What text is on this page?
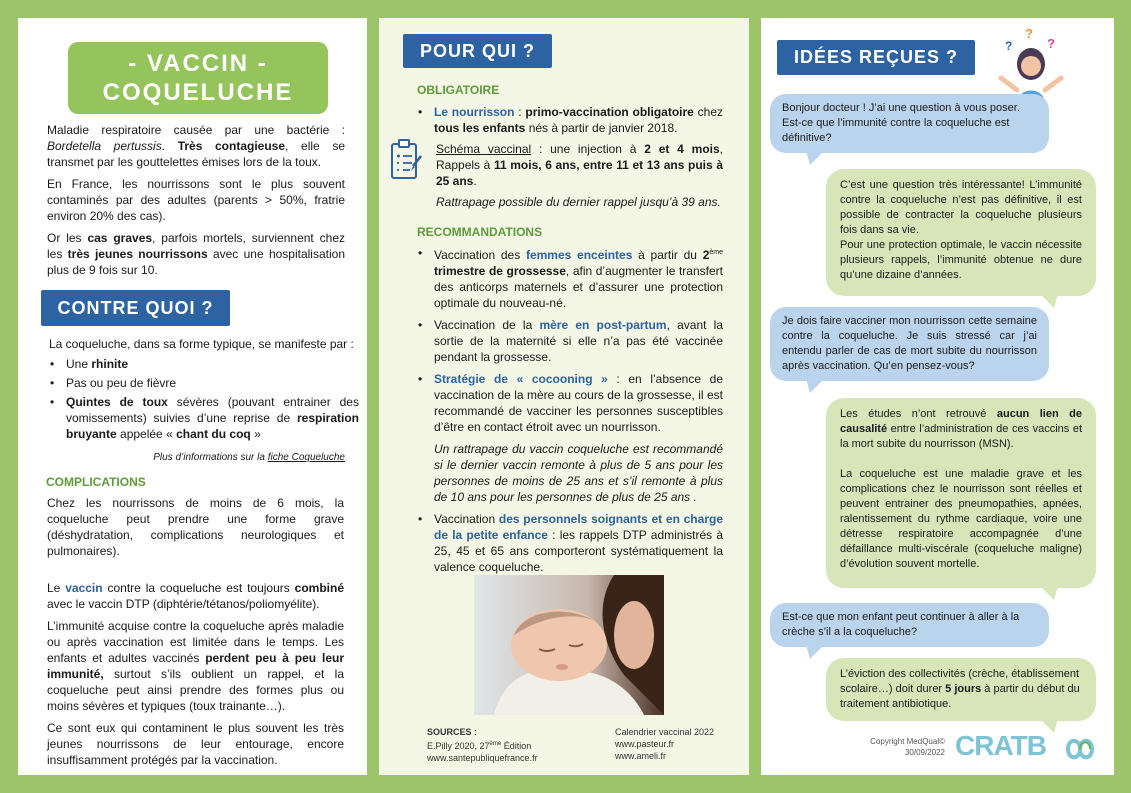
- VACCIN -
COQUELUCHE

Maladie respiratoire causée par une bactérie : Bordetella pertussis. Très contagieuse, elle se transmet par les gouttelettes émises lors de la toux.

En France, les nourrissons sont le plus souvent contaminés par des adultes (parents > 50%, fratrie environ 20% des cas).

Or les cas graves, parfois mortels, surviennent chez les très jeunes nourrissons avec une hospitalisation plus de 9 fois sur 10.

CONTRE QUOI ?

La coqueluche, dans sa forme typique, se manifeste par :

• Une rhinite
• Pas ou peu de fièvre
• Quintes de toux sévères (pouvant entrainer des vomissements) suivies d’une reprise de respiration bruyante appelée « chant du coq »
Plus d’informations sur la fiche Coqueluche
COMPLICATIONS
Chez les nourrissons de moins de 6 mois, la coqueluche peut prendre une forme grave (déshydratation, complications neurologiques et pulmonaires).

Le vaccin contre la coqueluche est toujours combiné avec le vaccin DTP (diphtérie/tétanos/poliomyélite).

L’immunité acquise contre la coqueluche après maladie ou après vaccination est limitée dans le temps. Les enfants et adultes vaccinés perdent peu à peu leur immunité, surtout s’ils oublient un rappel, et la coqueluche peut ainsi prendre des formes plus ou moins sévères et typiques (toux trainante…).

Ce sont eux qui contaminent le plus souvent les très jeunes nourrissons de leur entourage, encore insuffisamment protégés par la vaccination.

POUR QUI ?
OBLIGATOIRE
• Le nourrisson : primo-vaccination obligatoire chez tous les enfants nés à partir de janvier 2018.
Schéma vaccinal : une injection à 2 et 4 mois, Rappels à 11 mois, 6 ans, entre 11 et 13 ans puis à 25 ans.
Rattrapage possible du dernier rappel jusqu’à 39 ans.
RECOMMANDATIONS
• Vaccination des femmes enceintes à partir du 2ème trimestre de grossesse, afin d’augmenter le transfert des anticorps maternels et d’assurer une protection optimale du nouveau-né.
• Vaccination de la mère en post-partum, avant la sortie de la maternité si elle n’a pas été vaccinée pendant la grossesse.
• Stratégie de « cocooning » : en l’absence de vaccination de la mère au cours de la grossesse, il est recommandé de vacciner les personnes susceptibles d’être en contact étroit avec un nourrisson.

Un rattrapage du vaccin coqueluche est recommandé si le dernier vaccin remonte à plus de 5 ans pour les personnes de moins de 25 ans et s’il remonte à plus de 10 ans pour les personnes de plus de 25 ans .

• Vaccination des personnels soignants et en charge de la petite enfance : les rappels DTP administrés à 25, 45 et 65 ans comporteront systématiquement la valence coqueluche.
SOURCES :
E.Pilly 2020, 27ème Édition
www.santepubliquefrance.fr
Calendrier vaccinal 2022
www.pasteur.fr
www.ameli.fr
IDÉES REÇUES ?
?
?
?
Bonjour docteur ! J’ai une question à vous poser. Est-ce que l’immunité contre la coqueluche est définitive?

C’est une question très intéressante! L’immunité contre la coqueluche n’est pas définitive, il est possible de contracter la coqueluche plusieurs fois dans sa vie.

Pour une protection optimale, le vaccin nécessite plusieurs rappels, l’immunité obtenue ne dure qu’une dizaine d’années.

Je dois faire vacciner mon nourrisson cette semaine contre la coqueluche. Je suis stressé car j’ai entendu parler de cas de mort subite du nourrisson après vaccination. Qu’en pensez-vous?

Les études n’ont retrouvé aucun lien de causalité entre l’administration de ces vaccins et la mort subite du nourrisson (MSN).

La coqueluche est une maladie grave et les complications chez le nourrisson sont réelles et peuvent entrainer des pneumopathies, apnées, ralentissement du rythme cardiaque, voire une détresse respiratoire accompagnée d’une défaillance multi-viscérale (coqueluche maligne) d’évolution souvent mortelle.

Est-ce que mon enfant peut continuer à aller à la crèche s’il a la coqueluche?
L’éviction des collectivités (crèche, établissement scolaire…) doit durer 5 jours à partir du début du traitement antibiotique.
Copyright MedQual©
30/09/2022 CRATB
